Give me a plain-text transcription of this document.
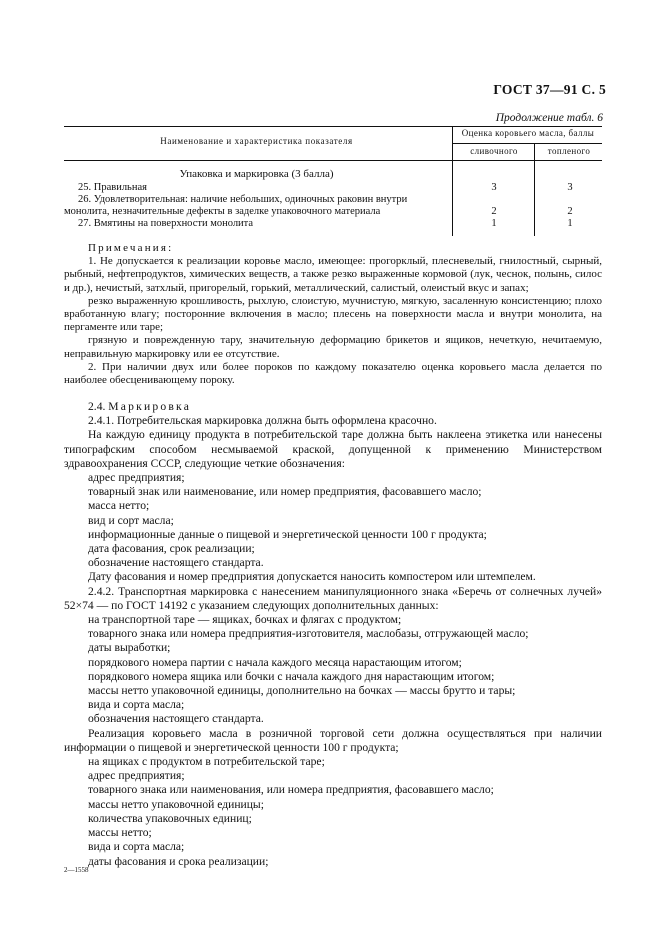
ГОСТ 37—91 С. 5
Продолжение табл. 6
Наименование и характеристика показателя
Оценка коровьего масла, баллы
сливочного	топленого
Упаковка и маркировка (3 балла)
25. Правильная	3	3
26. Удовлетворительная: наличие небольших, одиночных раковин внутри
монолита, незначительные дефекты в заделке упаковочного материала	2	2
27. Вмятины на поверхности монолита	1	1

Примечания:

1. Не допускается к реализации коровье масло, имеющее: прогорклый, плесневелый, гнилостный, сырный, рыбный, нефтепродуктов, химических веществ, а также резко выраженные кормовой (лук, чеснок, полынь, силос и др.), нечистый, затхлый, пригорелый, горький, металлический, салистый, олеистый вкус и запах;

резко выраженную крошливость, рыхлую, слоистую, мучнистую, мягкую, засаленную консистенцию; плохо вработанную влагу; посторонние включения в масло; плесень на поверхности масла и внутри монолита, на пергаменте или таре;

грязную и поврежденную тару, значительную деформацию брикетов и ящиков, нечеткую, нечитаемую, неправильную маркировку или ее отсутствие.

2. При наличии двух или более пороков по каждому показателю оценка коровьего масла делается по наиболее обесценивающему пороку.

2.4. Маркировка

2.4.1. Потребительская маркировка должна быть оформлена красочно.

На каждую единицу продукта в потребительской таре должна быть наклеена этикетка или нанесены типографским способом несмываемой краской, допущенной к применению Министерством здравоохранения СССР, следующие четкие обозначения:

адрес предприятия;

товарный знак или наименование, или номер предприятия, фасовавшего масло;

масса нетто;

вид и сорт масла;

информационные данные о пищевой и энергетической ценности 100 г продукта;

дата фасования, срок реализации;

обозначение настоящего стандарта.

Дату фасования и номер предприятия допускается наносить компостером или штемпелем.

2.4.2. Транспортная маркировка с нанесением манипуляционного знака «Беречь от солнечных лучей» 52×74 — по ГОСТ 14192 с указанием следующих дополнительных данных:

на транспортной таре — ящиках, бочках и флягах с продуктом;

товарного знака или номера предприятия-изготовителя, маслобазы, отгружающей масло;

даты выработки;

порядкового номера партии с начала каждого месяца нарастающим итогом;

порядкового номера ящика или бочки с начала каждого дня нарастающим итогом;

массы нетто упаковочной единицы, дополнительно на бочках — массы брутто и тары;

вида и сорта масла;

обозначения настоящего стандарта.

Реализация коровьего масла в розничной торговой сети должна осуществляться при наличии информации о пищевой и энергетической ценности 100 г продукта;

на ящиках с продуктом в потребительской таре;

адрес предприятия;

товарного знака или наименования, или номера предприятия, фасовавшего масло;

массы нетто упаковочной единицы;

количества упаковочных единиц;

массы нетто;

вида и сорта масла;

даты фасования и срока реализации;

2—1558
